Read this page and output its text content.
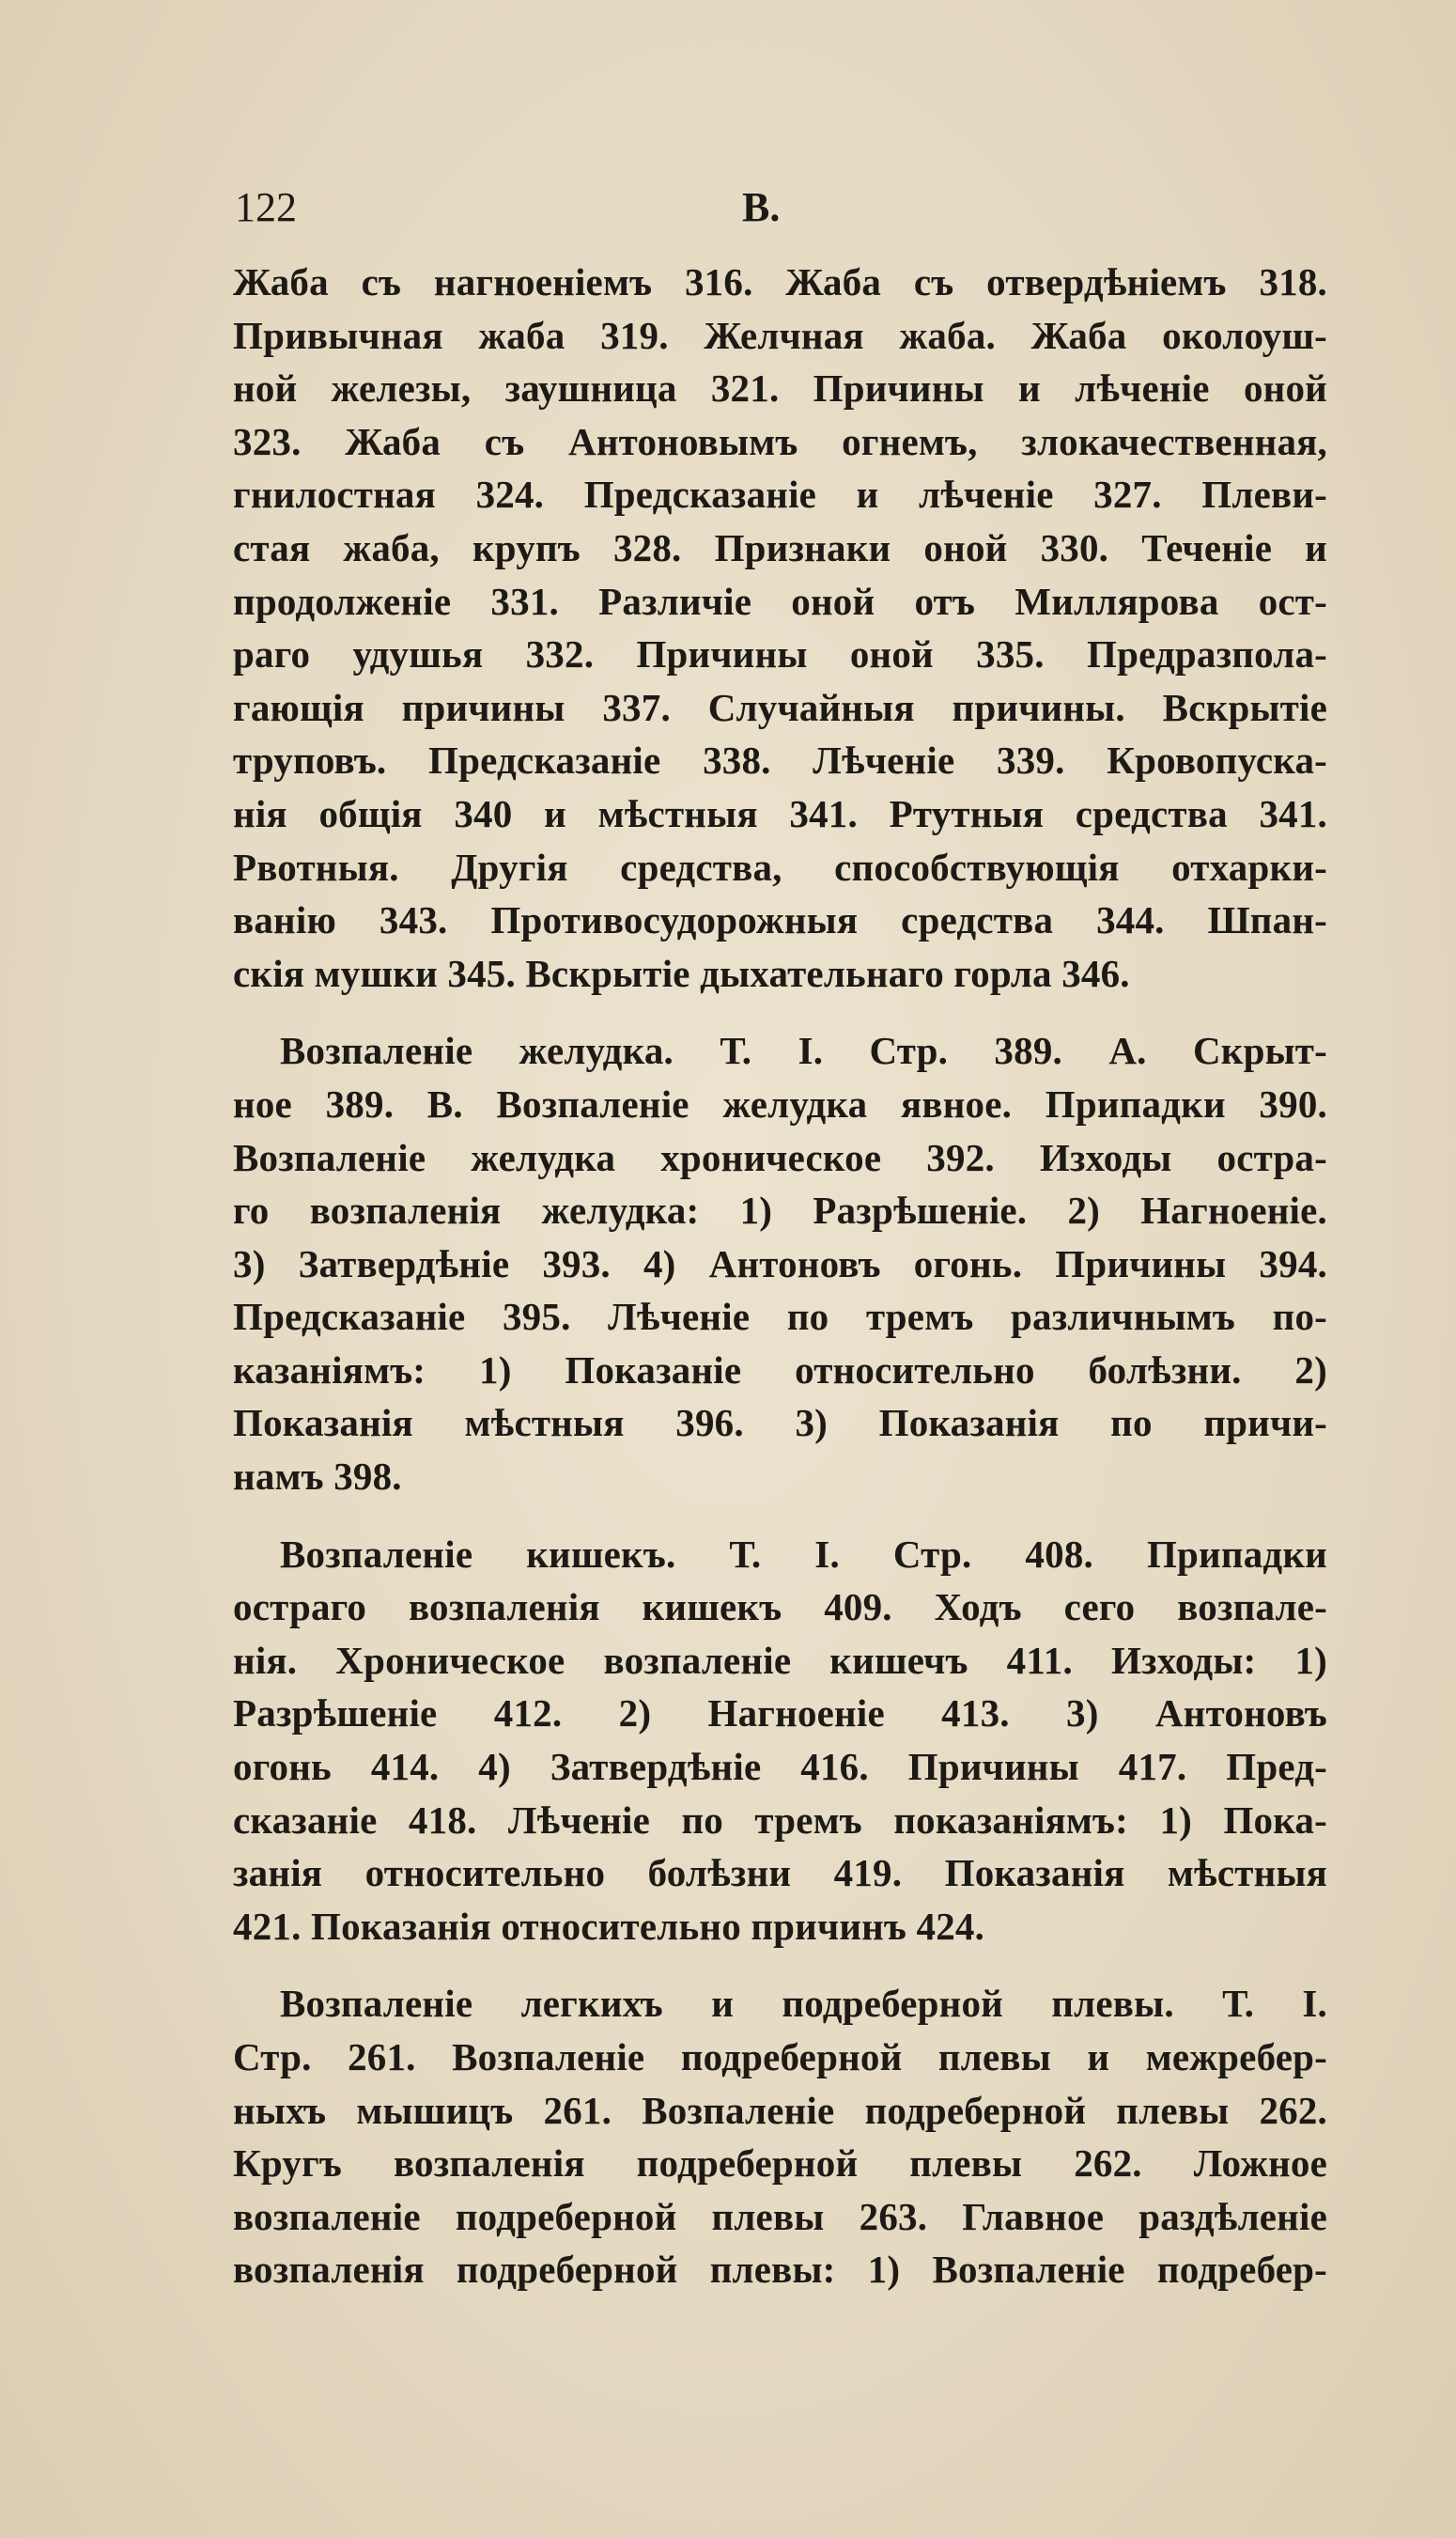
122	В.
Жаба съ нагноенiемъ 316. Жаба съ отвердѣнiемъ 318.
Привычная жаба 319. Желчная жаба. Жаба околоуш-
ной железы, заушница 321. Причины и лѣченiе оной
323. Жаба съ Антоновымъ огнемъ, злокачественная,
гнилостная 324. Предсказанiе и лѣченiе 327. Плеви-
стая жаба, крупъ 328. Признаки оной 330. Теченiе и
продолженiе 331. Различiе оной отъ Миллярова ост-
раго удушья 332. Причины оной 335. Предразпола-
гающiя причины 337. Случайныя причины. Вскрытiе
труповъ. Предсказанiе 338. Лѣченiе 339. Кровопуска-
нiя общiя 340 и мѣстныя 341. Ртутныя средства 341.
Рвотныя. Другiя средства, способствующiя отхарки-
ванiю 343. Противосудорожныя средства 344. Шпан-
скiя мушки 345. Вскрытiе дыхательнаго горла 346.
Возпаленiе желудка. Т. I. Стр. 389. А. Скрыт-
ное 389. В. Возпаленiе желудка явное. Припадки 390.
Возпаленiе желудка хроническое 392. Изходы остра-
го возпаленiя желудка: 1) Разрѣшенiе. 2) Нагноенiе.
3) Затвердѣнiе 393. 4) Антоновъ огонь. Причины 394.
Предсказанiе 395. Лѣченiе по тремъ различнымъ по-
казанiямъ: 1) Показанiе относительно болѣзни. 2)
Показанiя мѣстныя 396. 3) Показанiя по причи-
намъ 398.
Возпаленiе кишекъ. Т. I. Стр. 408. Припадки
остраго возпаленiя кишекъ 409. Ходъ сего возпале-
нiя. Хроническое возпаленiе кишечъ 411. Изходы: 1)
Разрѣшенiе 412. 2) Нагноенiе 413. 3) Антоновъ
огонь 414. 4) Затвердѣнiе 416. Причины 417. Пред-
сказанiе 418. Лѣченiе по тремъ показанiямъ: 1) Пока-
занiя относительно болѣзни 419. Показанiя мѣстныя
421. Показанiя относительно причинъ 424.
Возпаленiе легкихъ и подреберной плевы. Т. I.
Стр. 261. Возпаленiе подреберной плевы и межребер-
ныхъ мышицъ 261. Возпаленiе подреберной плевы 262.
Кругъ возпаленiя подреберной плевы 262. Ложное
возпаленiе подреберной плевы 263. Главное раздѣленiе
возпаленiя подреберной плевы: 1) Возпаленiе подребер-
